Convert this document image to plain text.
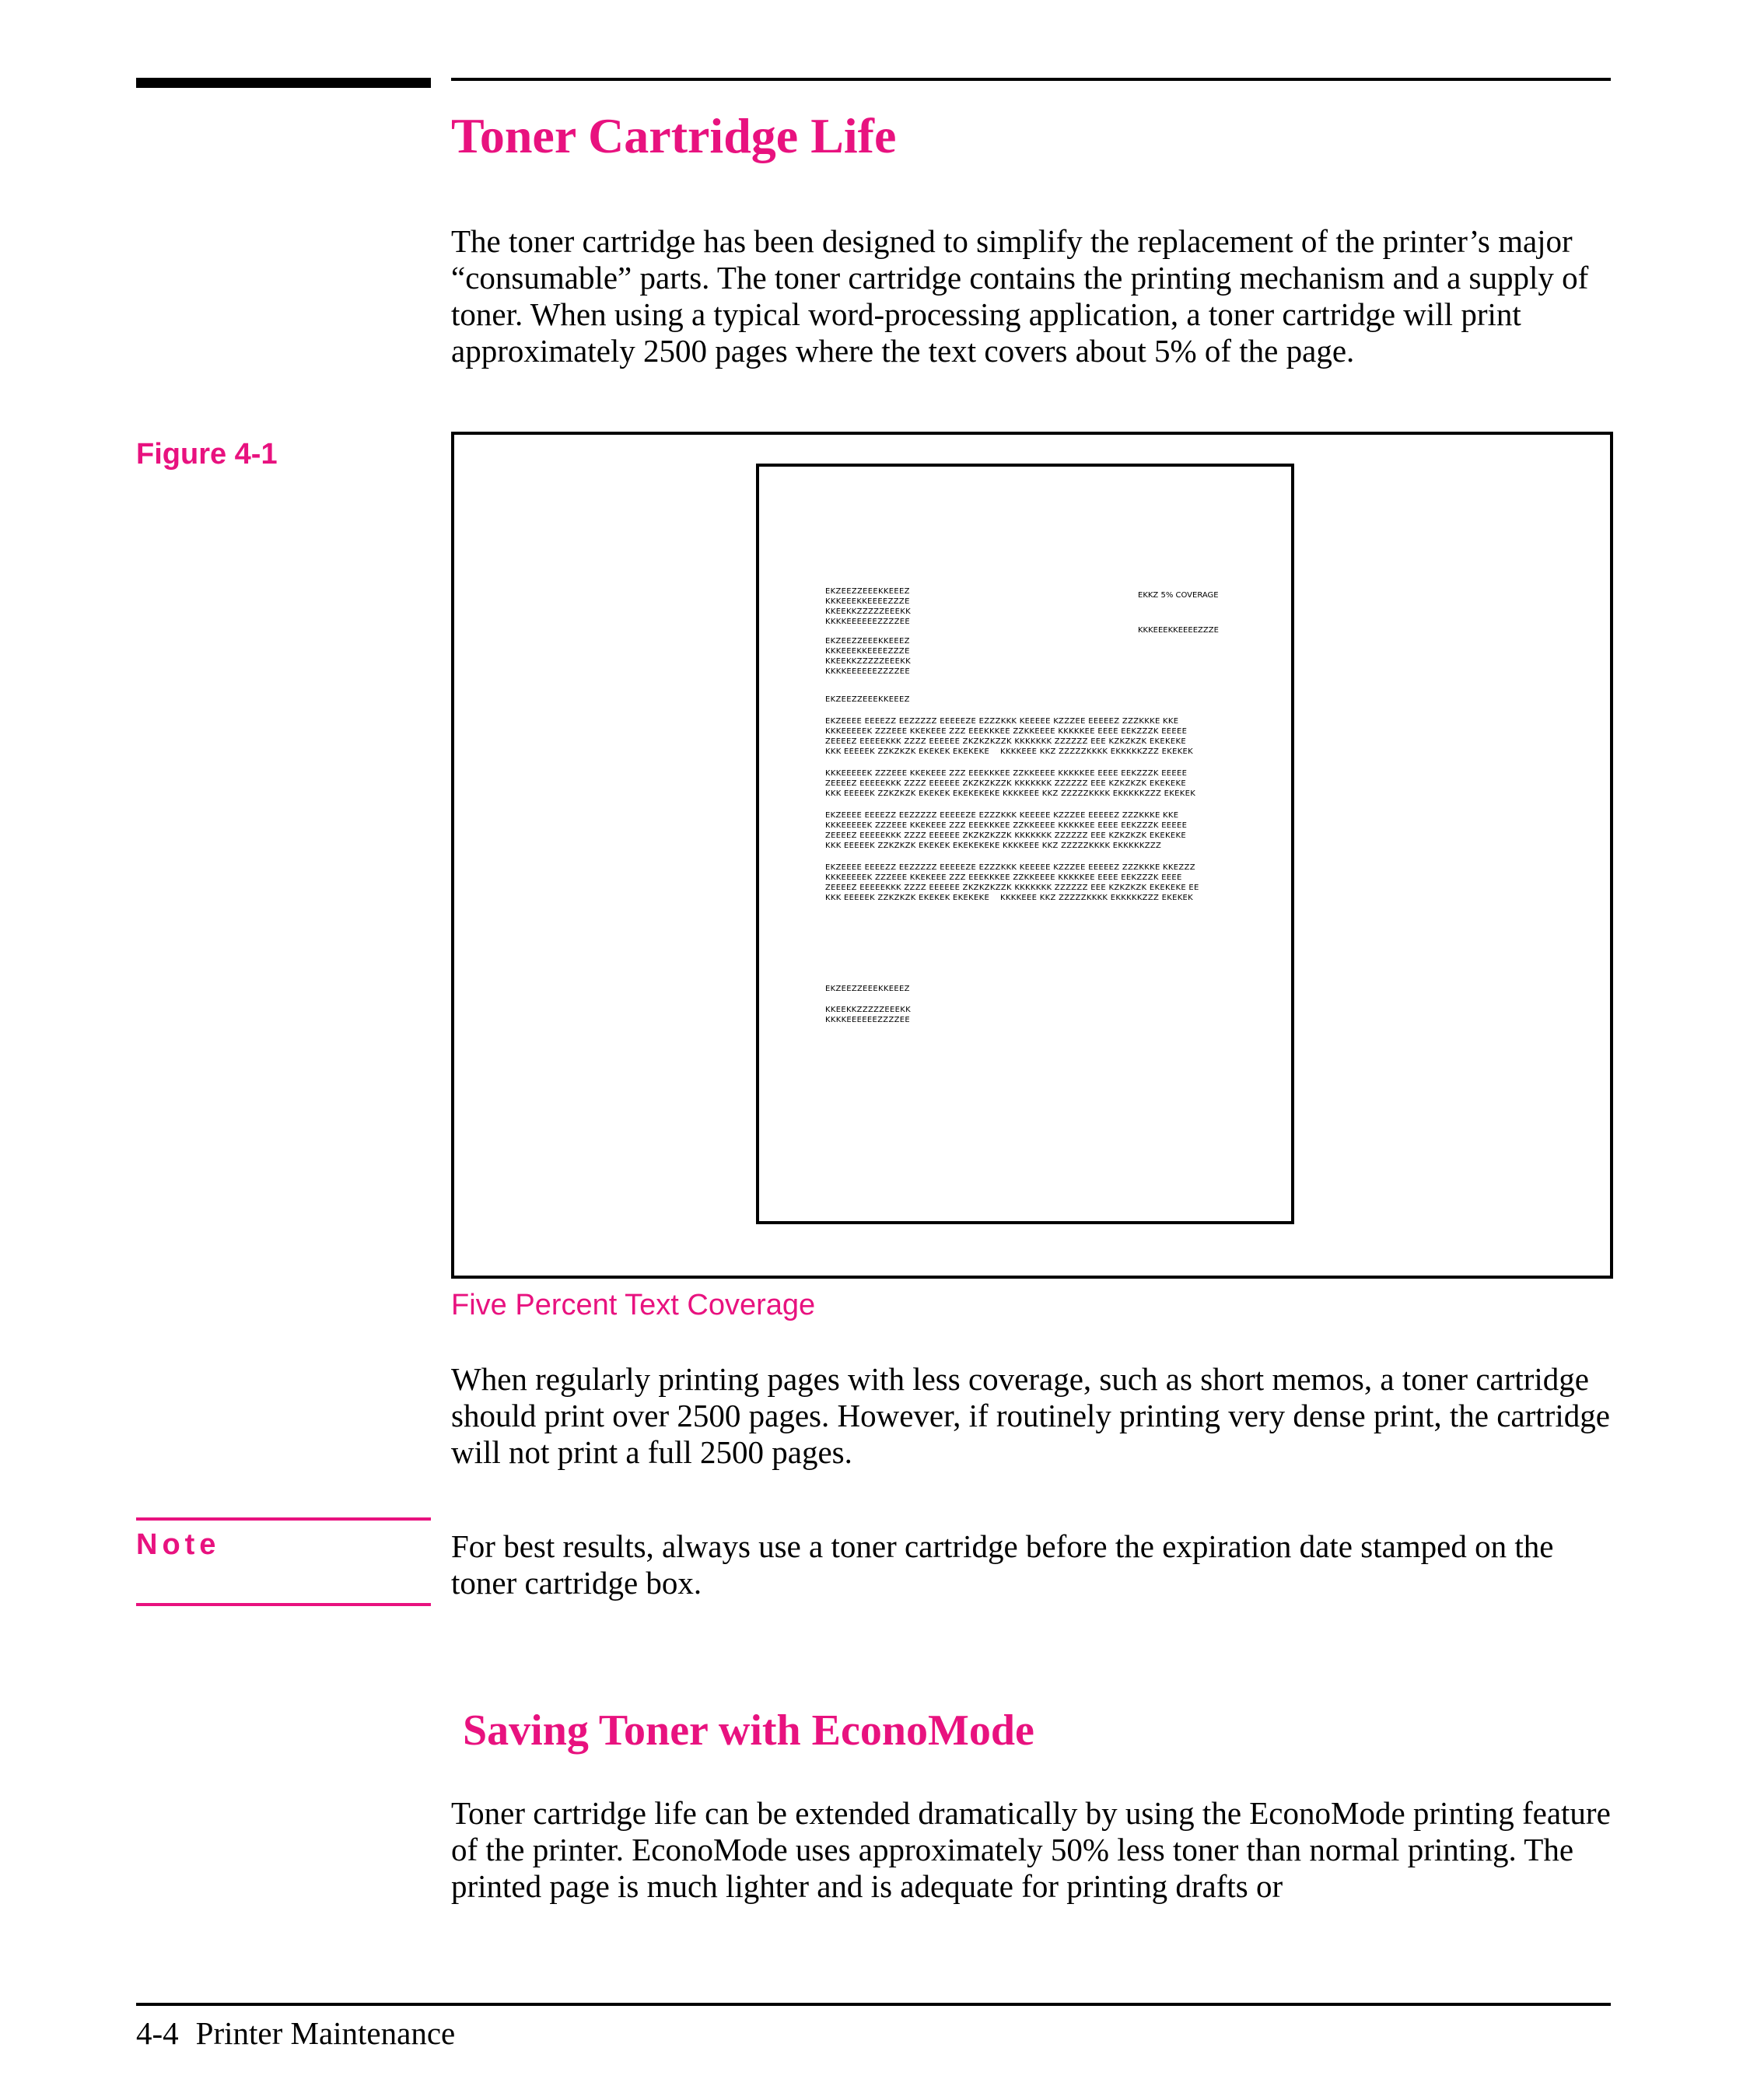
Toner Cartridge Life

The toner cartridge has been designed to simplify the replacement of the printer’s major “consumable” parts. The toner cartridge contains the printing mechanism and a supply of toner. When using a typical word-processing application, a toner cartridge will print approximately 2500 pages where the text covers about 5% of the page.

Figure 4-1

EKKZ 5% COVERAGE

KKKEEEKKEEEEZZZE

EKZEEZZEEEKKEEEZ
KKKEEEKKEEEEZZZE
KKEEKKZZZZZEEEKK
KKKKEEEEEEZZZZEE
EKZEEZZEEEKKEEEZ
KKKEEEKKEEEEZZZE
KKEEKKZZZZZEEEKK
KKKKEEEEEEZZZZEE
EKZEEZZEEEKKEEEZ
EKZEEEE EEEEZZ EEZZZZZ EEEEEZE EZZZKKK KEEEEE KZZZEE EEEEEZ ZZZKKKE KKE
KKKEEEEEK ZZZEEE KKEKEEE ZZZ EEEKKKEE ZZKKEEEE KKKKKEE EEEE EEKZZZK EEEEE
ZEEEEZ EEEEEKKK ZZZZ EEEEEE ZKZKZKZZK KKKKKKK ZZZZZZ EEE KZKZKZK EKEKEKE
KKK EEEEEK ZZKZKZK EKEKEK EKEKEKE    KKKKEEE KKZ ZZZZZKKKK EKKKKKZZZ EKEKEK
KKKEEEEEK ZZZEEE KKEKEEE ZZZ EEEKKKEE ZZKKEEEE KKKKKEE EEEE EEKZZZK EEEEE
ZEEEEZ EEEEEKKK ZZZZ EEEEEE ZKZKZKZZK KKKKKKK ZZZZZZ EEE KZKZKZK EKEKEKE
KKK EEEEEK ZZKZKZK EKEKEK EKEKEKEKE KKKKEEE KKZ ZZZZZKKKK EKKKKKZZZ EKEKEK
EKZEEEE EEEEZZ EEZZZZZ EEEEEZE EZZZKKK KEEEEE KZZZEE EEEEEZ ZZZKKKE KKE
KKKEEEEEK ZZZEEE KKEKEEE ZZZ EEEKKKEE ZZKKEEEE KKKKKEE EEEE EEKZZZK EEEEE
ZEEEEZ EEEEEKKK ZZZZ EEEEEE ZKZKZKZZK KKKKKKK ZZZZZZ EEE KZKZKZK EKEKEKE
KKK EEEEEK ZZKZKZK EKEKEK EKEKEKEKE KKKKEEE KKZ ZZZZZKKKK EKKKKKZZZ
EKZEEEE EEEEZZ EEZZZZZ EEEEEZE EZZZKKK KEEEEE KZZZEE EEEEEZ ZZZKKKE KKEZZZ
KKKEEEEEK ZZZEEE KKEKEEE ZZZ EEEKKKEE ZZKKEEEE KKKKKEE EEEE EEKZZZK EEEE
ZEEEEZ EEEEEKKK ZZZZ EEEEEE ZKZKZKZZK KKKKKKK ZZZZZZ EEE KZKZKZK EKEKEKE EE
KKK EEEEEK ZZKZKZK EKEKEK EKEKEKE    KKKKEEE KKZ ZZZZZKKKK EKKKKKZZZ EKEKEK
EKZEEZZEEEKKEEEZ
KKEEKKZZZZZEEEKK
KKKKEEEEEEZZZZEE
Five Percent Text Coverage

When regularly printing pages with less coverage, such as short memos, a toner cartridge should print over 2500 pages. However, if routinely printing very dense print, the cartridge will not print a full 2500 pages.

Note	For best results, always use a toner cartridge before the expiration date stamped on the toner cartridge box.

Saving Toner with EconoMode

Toner cartridge life can be extended dramatically by using the EconoMode printing feature of the printer. EconoMode uses approximately 50% less toner than normal printing. The printed page is much lighter and is adequate for printing drafts or

4-4 Printer Maintenance
